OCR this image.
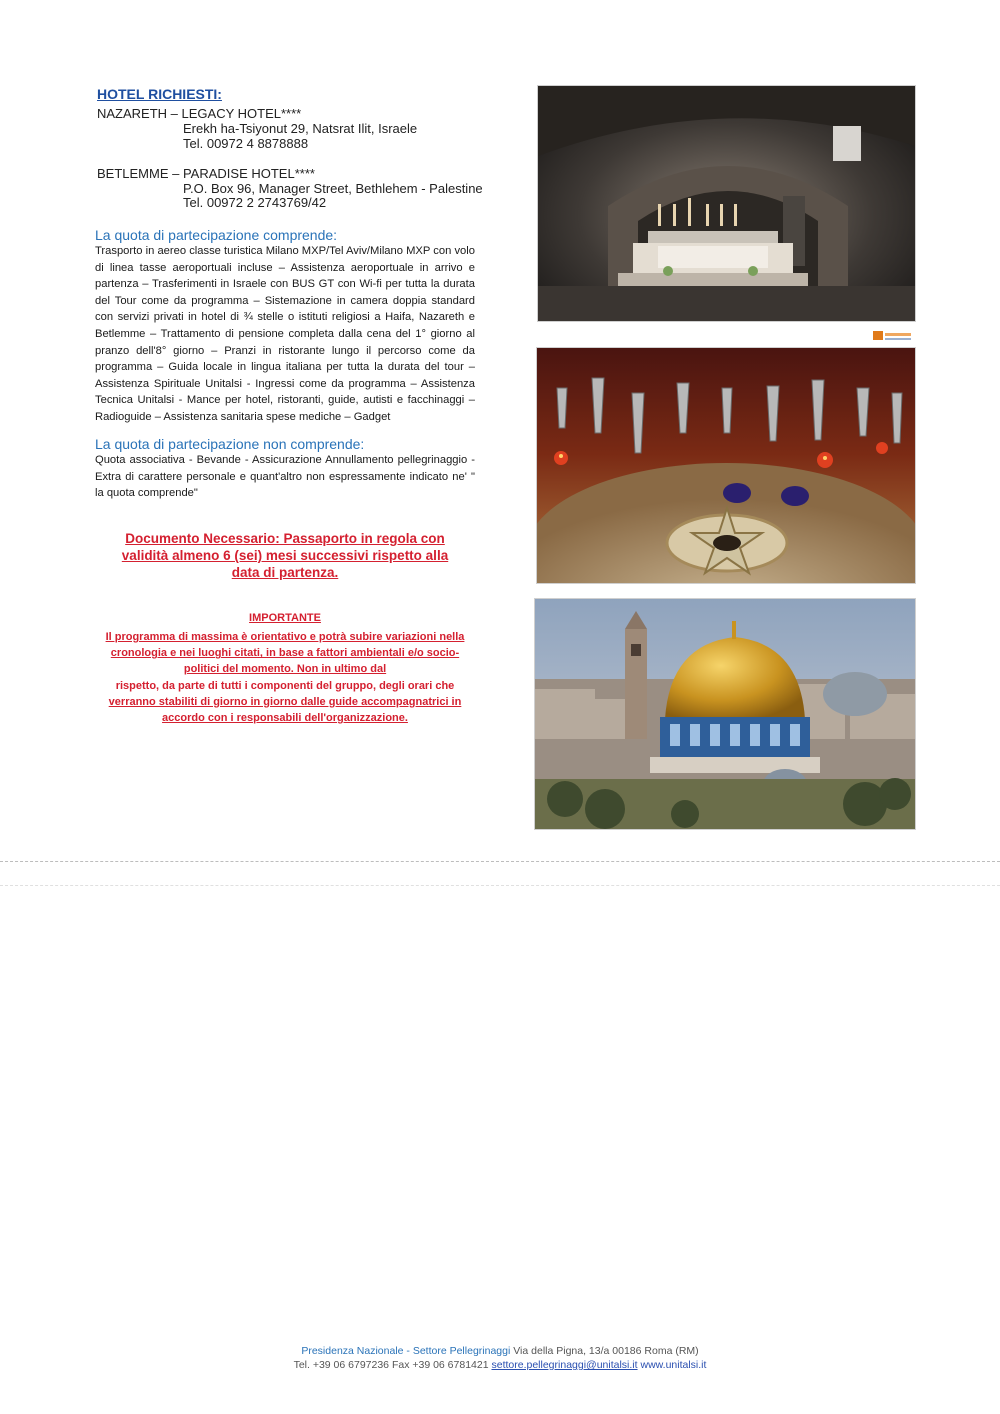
HOTEL RICHIESTI:
NAZARETH – LEGACY HOTEL****
Erekh ha-Tsiyonut 29, Natsrat Ilit, Israele
Tel. 00972 4 8878888
BETLEMME – PARADISE HOTEL****
P.O. Box 96, Manager Street, Bethlehem - Palestine
Tel. 00972 2 2743769/42
La quota di partecipazione comprende:
Trasporto in aereo classe turistica Milano MXP/Tel Aviv/Milano MXP con volo di linea tasse aeroportuali incluse – Assistenza aeroportuale in arrivo e partenza – Trasferimenti in Israele con BUS GT con Wi-fi per tutta la durata del Tour come da programma – Sistemazione in camera doppia standard con servizi privati in hotel di ¾ stelle o istituti religiosi a Haifa, Nazareth e Betlemme – Trattamento di pensione completa dalla cena del 1° giorno al pranzo dell'8° giorno – Pranzi in ristorante lungo il percorso come da programma – Guida locale in lingua italiana per tutta la durata del tour – Assistenza Spirituale Unitalsi - Ingressi come da programma – Assistenza Tecnica Unitalsi - Mance per hotel, ristoranti, guide, autisti e facchinaggi – Radioguide – Assistenza sanitaria spese mediche – Gadget
La quota di partecipazione non comprende:
Quota associativa - Bevande - Assicurazione Annullamento pellegrinaggio - Extra di carattere personale e quant'altro non espressamente indicato ne' " la quota comprende"
Documento Necessario: Passaporto in regola con
validità almeno 6 (sei) mesi successivi rispetto alla
data di partenza.
IMPORTANTE
Il programma di massima è orientativo e potrà subire variazioni nella
cronologia e nei luoghi citati, in base a fattori ambientali e/o socio-
politici del momento. Non in ultimo dal
rispetto, da parte di tutti i componenti del gruppo, degli orari che
verranno stabiliti di giorno in giorno dalle guide accompagnatrici in
accordo con i responsabili dell'organizzazione.
Presidenza Nazionale - Settore Pellegrinaggi Via della Pigna, 13/a 00186 Roma (RM)
Tel. +39 06 6797236 Fax +39 06 6781421 settore.pellegrinaggi@unitalsi.it www.unitalsi.it
